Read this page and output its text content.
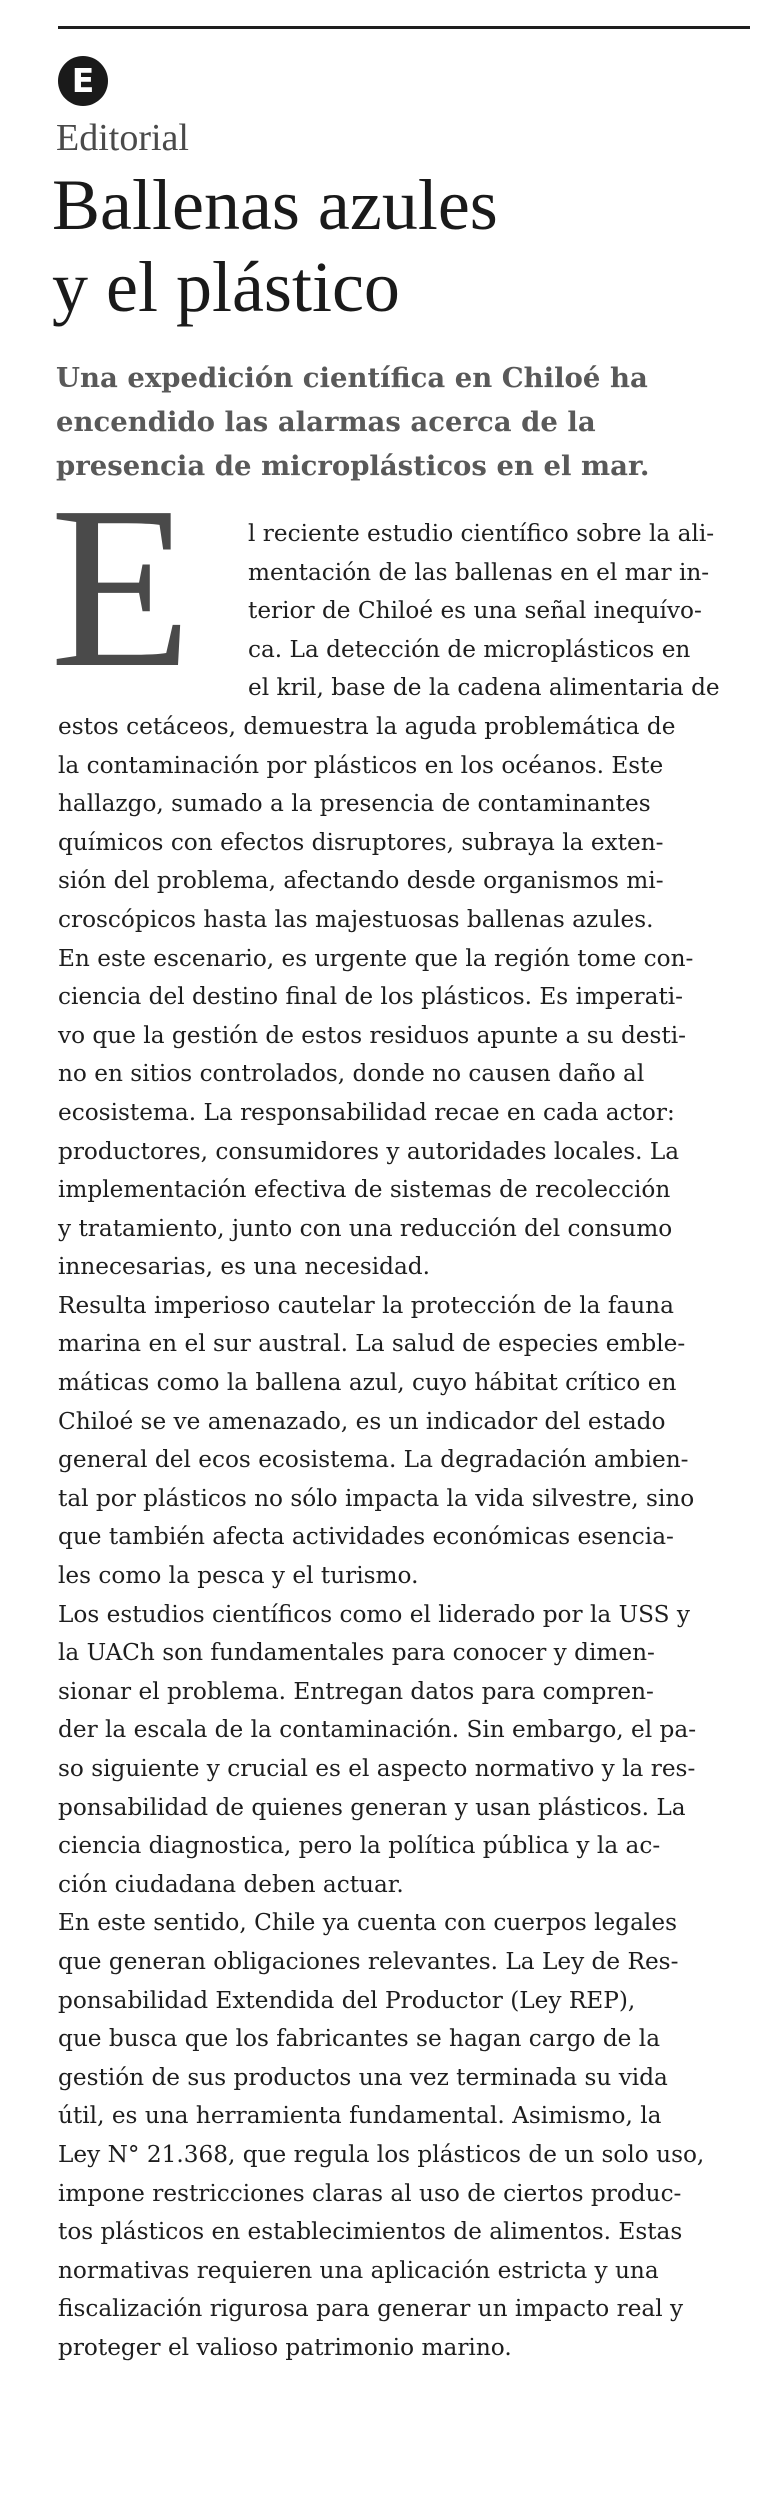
E
Editorial
Ballenas azules
y el plástico

Una expedición científica en Chiloé ha
encendido las alarmas acerca de la
presencia de microplásticos en el mar.

E	l reciente estudio científico sobre la ali-
mentación de las ballenas en el mar in-
terior de Chiloé es una señal inequívo-
ca. La detección de microplásticos en
el kril, base de la cadena alimentaria de
estos cetáceos, demuestra la aguda problemática de
la contaminación por plásticos en los océanos. Este
hallazgo, sumado a la presencia de contaminantes
químicos con efectos disruptores, subraya la exten-
sión del problema, afectando desde organismos mi-
croscópicos hasta las majestuosas ballenas azules.
En este escenario, es urgente que la región tome con-
ciencia del destino final de los plásticos. Es imperati-
vo que la gestión de estos residuos apunte a su desti-
no en sitios controlados, donde no causen daño al
ecosistema. La responsabilidad recae en cada actor:
productores, consumidores y autoridades locales. La
implementación efectiva de sistemas de recolección
y tratamiento, junto con una reducción del consumo
innecesarias, es una necesidad.
Resulta imperioso cautelar la protección de la fauna
marina en el sur austral. La salud de especies emble-
máticas como la ballena azul, cuyo hábitat crítico en
Chiloé se ve amenazado, es un indicador del estado
general del ecos ecosistema. La degradación ambien-
tal por plásticos no sólo impacta la vida silvestre, sino
que también afecta actividades económicas esencia-
les como la pesca y el turismo.
Los estudios científicos como el liderado por la USS y
la UACh son fundamentales para conocer y dimen-
sionar el problema. Entregan datos para compren-
der la escala de la contaminación. Sin embargo, el pa-
so siguiente y crucial es el aspecto normativo y la res-
ponsabilidad de quienes generan y usan plásticos. La
ciencia diagnostica, pero la política pública y la ac-
ción ciudadana deben actuar.
En este sentido, Chile ya cuenta con cuerpos legales
que generan obligaciones relevantes. La Ley de Res-
ponsabilidad Extendida del Productor (Ley REP),
que busca que los fabricantes se hagan cargo de la
gestión de sus productos una vez terminada su vida
útil, es una herramienta fundamental. Asimismo, la
Ley N° 21.368, que regula los plásticos de un solo uso,
impone restricciones claras al uso de ciertos produc-
tos plásticos en establecimientos de alimentos. Estas
normativas requieren una aplicación estricta y una
fiscalización rigurosa para generar un impacto real y
proteger el valioso patrimonio marino.
